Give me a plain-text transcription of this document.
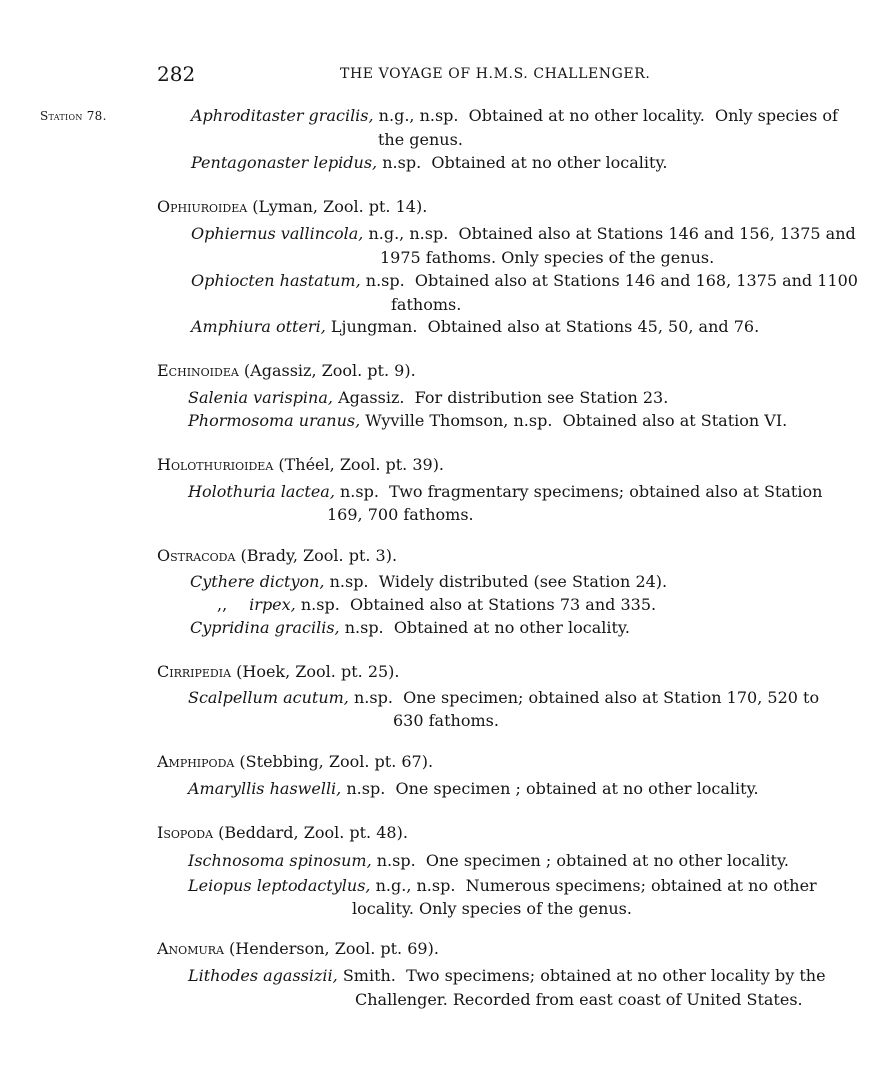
282	THE VOYAGE OF H.M.S. CHALLENGER.
Station 78.	Aphroditaster gracilis, n.g., n.sp.  Obtained at no other locality.  Only species of
the genus.
Pentagonaster lepidus, n.sp.  Obtained at no other locality.
Ophiuroidea (Lyman, Zool. pt. 14).
Ophiernus vallincola, n.g., n.sp.  Obtained also at Stations 146 and 156, 1375 and
1975 fathoms. Only species of the genus.
Ophiocten hastatum, n.sp.  Obtained also at Stations 146 and 168, 1375 and 1100
fathoms.
Amphiura otteri, Ljungman.  Obtained also at Stations 45, 50, and 76.
Echinoidea (Agassiz, Zool. pt. 9).
Salenia varispina, Agassiz.  For distribution see Station 23.
Phormosoma uranus, Wyville Thomson, n.sp.  Obtained also at Station VI.
Holothurioidea (Théel, Zool. pt. 39).
Holothuria lactea, n.sp.  Two fragmentary specimens; obtained also at Station
169, 700 fathoms.
Ostracoda (Brady, Zool. pt. 3).
Cythere dictyon, n.sp.  Widely distributed (see Station 24).
,, irpex, n.sp.  Obtained also at Stations 73 and 335.
Cypridina gracilis, n.sp.  Obtained at no other locality.
Cirripedia (Hoek, Zool. pt. 25).
Scalpellum acutum, n.sp.  One specimen; obtained also at Station 170, 520 to
630 fathoms.
Amphipoda (Stebbing, Zool. pt. 67).
Amaryllis haswelli, n.sp.  One specimen ; obtained at no other locality.
Isopoda (Beddard, Zool. pt. 48).
Ischnosoma spinosum, n.sp.  One specimen ; obtained at no other locality.
Leiopus leptodactylus, n.g., n.sp.  Numerous specimens; obtained at no other
locality. Only species of the genus.
Anomura (Henderson, Zool. pt. 69).
Lithodes agassizii, Smith.  Two specimens; obtained at no other locality by the
Challenger. Recorded from east coast of United States.
